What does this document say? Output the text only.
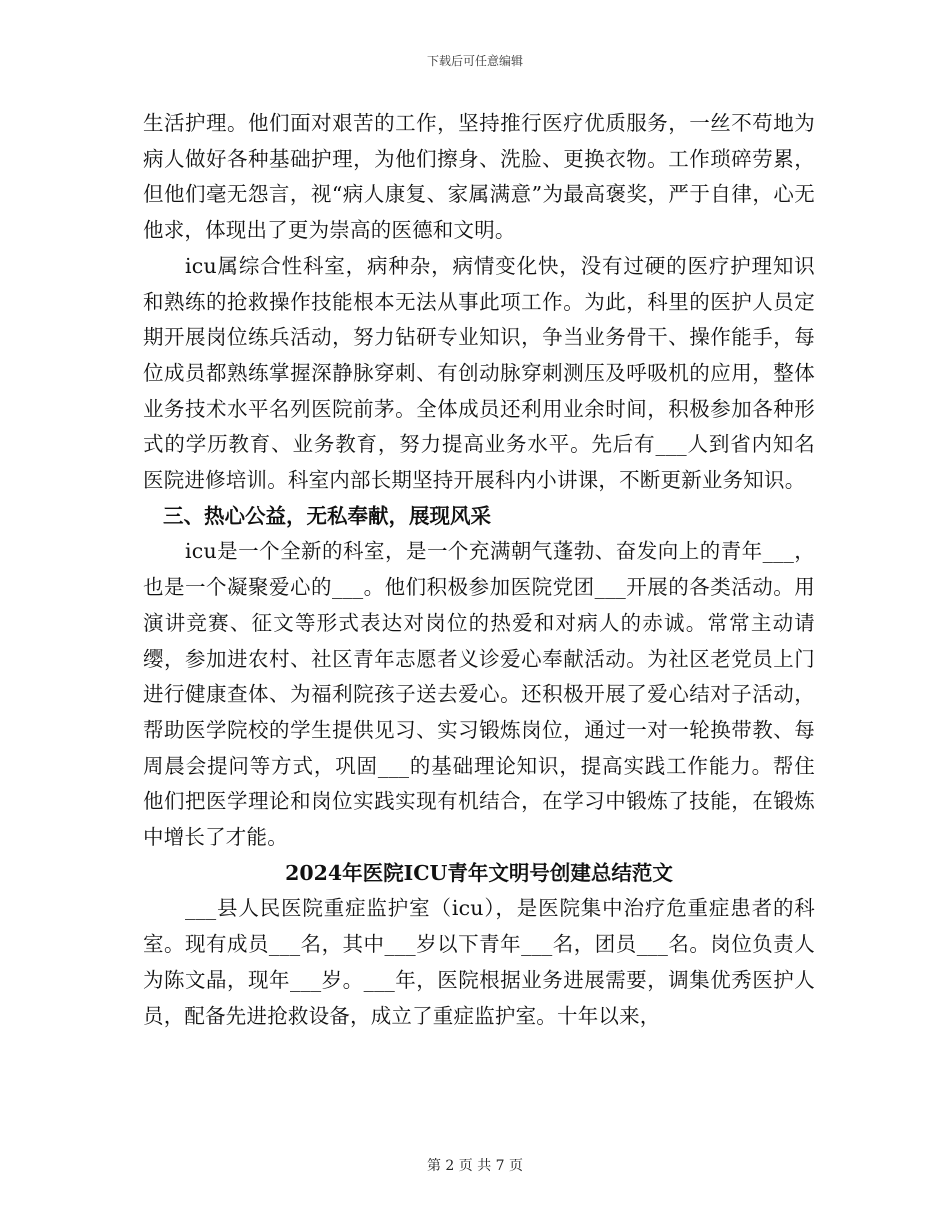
下载后可任意编辑

生活护理。他们面对艰苦的工作，坚持推行医疗优质服务，一丝不苟地为病人做好各种基础护理，为他们擦身、洗脸、更换衣物。工作琐碎劳累，但他们毫无怨言，视“病人康复、家属满意”为最高褒奖，严于自律，心无他求，体现出了更为崇高的医德和文明。

icu属综合性科室，病种杂，病情变化快，没有过硬的医疗护理知识和熟练的抢救操作技能根本无法从事此项工作。为此，科里的医护人员定期开展岗位练兵活动，努力钻研专业知识，争当业务骨干、操作能手，每位成员都熟练掌握深静脉穿刺、有创动脉穿刺测压及呼吸机的应用，整体业务技术水平名列医院前茅。全体成员还利用业余时间，积极参加各种形式的学历教育、业务教育，努力提高业务水平。先后有___人到省内知名医院进修培训。科室内部长期坚持开展科内小讲课，不断更新业务知识。

三、热心公益，无私奉献，展现风采

icu是一个全新的科室，是一个充满朝气蓬勃、奋发向上的青年___，也是一个凝聚爱心的___。他们积极参加医院党团___开展的各类活动。用演讲竞赛、征文等形式表达对岗位的热爱和对病人的赤诚。常常主动请缨，参加进农村、社区青年志愿者义诊爱心奉献活动。为社区老党员上门进行健康查体、为福利院孩子送去爱心。还积极开展了爱心结对子活动，帮助医学院校的学生提供见习、实习锻炼岗位，通过一对一轮换带教、每周晨会提问等方式，巩固___的基础理论知识，提高实践工作能力。帮住他们把医学理论和岗位实践实现有机结合，在学习中锻炼了技能，在锻炼中增长了才能。

2024年医院ICU青年文明号创建总结范文

___县人民医院重症监护室（icu），是医院集中治疗危重症患者的科室。现有成员___名，其中___岁以下青年___名，团员___名。岗位负责人为陈文晶，现年___岁。___年，医院根据业务进展需要，调集优秀医护人员，配备先进抢救设备，成立了重症监护室。十年以来，

第 2 页 共 7 页
